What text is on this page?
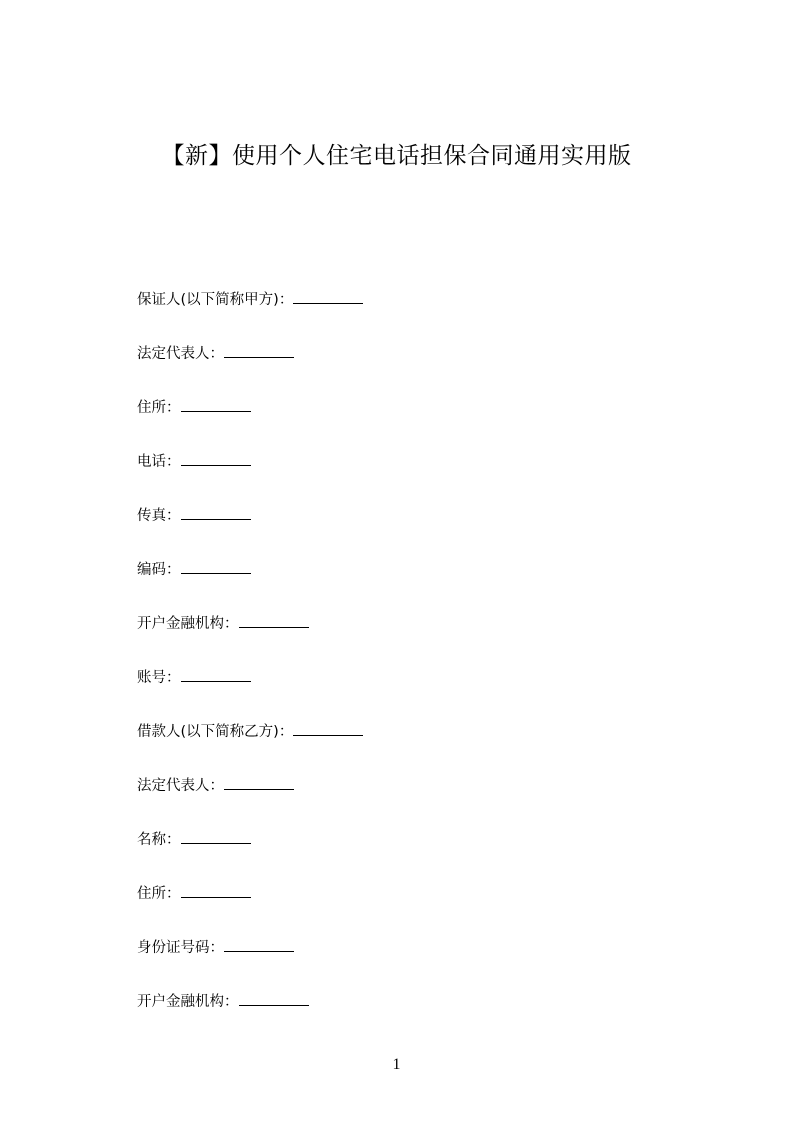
【新】使用个人住宅电话担保合同通用实用版
保证人(以下简称甲方)：
法定代表人：
住所：
电话：
传真：
编码：
开户金融机构：
账号：
借款人(以下简称乙方)：
法定代表人：
名称：
住所：
身份证号码：
开户金融机构：
1
